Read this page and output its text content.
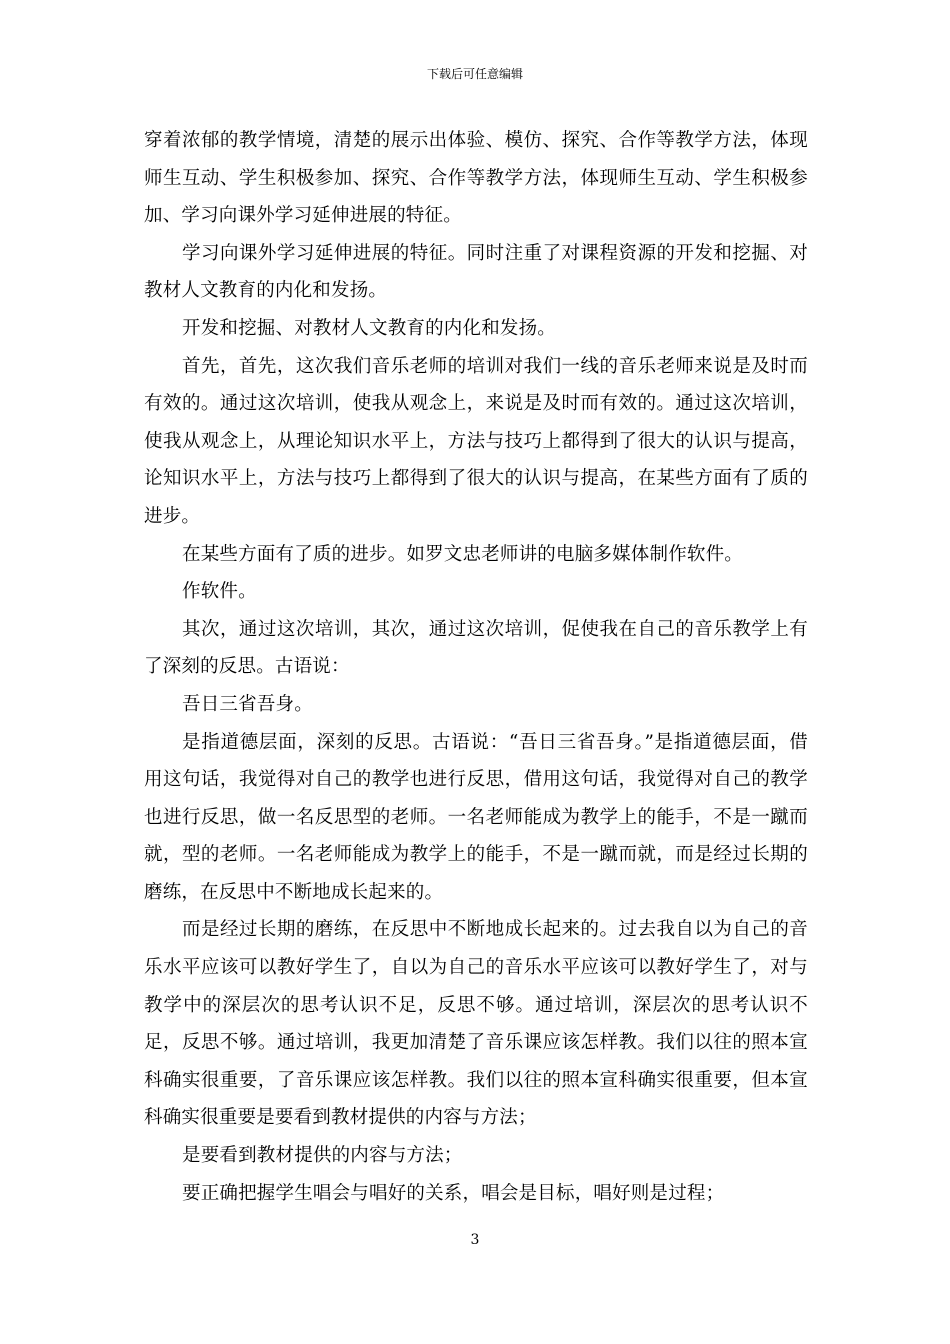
下载后可任意编辑

穿着浓郁的教学情境，清楚的展示出体验、模仿、探究、合作等教学方法，体现师生互动、学生积极参加、探究、合作等教学方法，体现师生互动、学生积极参加、学习向课外学习延伸进展的特征。

学习向课外学习延伸进展的特征。同时注重了对课程资源的开发和挖掘、对教材人文教育的内化和发扬。

开发和挖掘、对教材人文教育的内化和发扬。

首先，首先，这次我们音乐老师的培训对我们一线的音乐老师来说是及时而有效的。通过这次培训，使我从观念上，来说是及时而有效的。通过这次培训，使我从观念上，从理论知识水平上，方法与技巧上都得到了很大的认识与提高，论知识水平上，方法与技巧上都得到了很大的认识与提高，在某些方面有了质的进步。

在某些方面有了质的进步。如罗文忠老师讲的电脑多媒体制作软件。

作软件。

其次，通过这次培训，其次，通过这次培训，促使我在自己的音乐教学上有了深刻的反思。古语说：

吾日三省吾身。

是指道德层面，深刻的反思。古语说：“吾日三省吾身。”是指道德层面，借用这句话，我觉得对自己的教学也进行反思，借用这句话，我觉得对自己的教学也进行反思，做一名反思型的老师。一名老师能成为教学上的能手，不是一蹴而就，型的老师。一名老师能成为教学上的能手，不是一蹴而就，而是经过长期的磨练，在反思中不断地成长起来的。

而是经过长期的磨练，在反思中不断地成长起来的。过去我自以为自己的音乐水平应该可以教好学生了，自以为自己的音乐水平应该可以教好学生了，对与教学中的深层次的思考认识不足，反思不够。通过培训，深层次的思考认识不足，反思不够。通过培训，我更加清楚了音乐课应该怎样教。我们以往的照本宣科确实很重要，了音乐课应该怎样教。我们以往的照本宣科确实很重要，但本宣科确实很重要是要看到教材提供的内容与方法；

是要看到教材提供的内容与方法；

要正确把握学生唱会与唱好的关系，唱会是目标，唱好则是过程；

3
